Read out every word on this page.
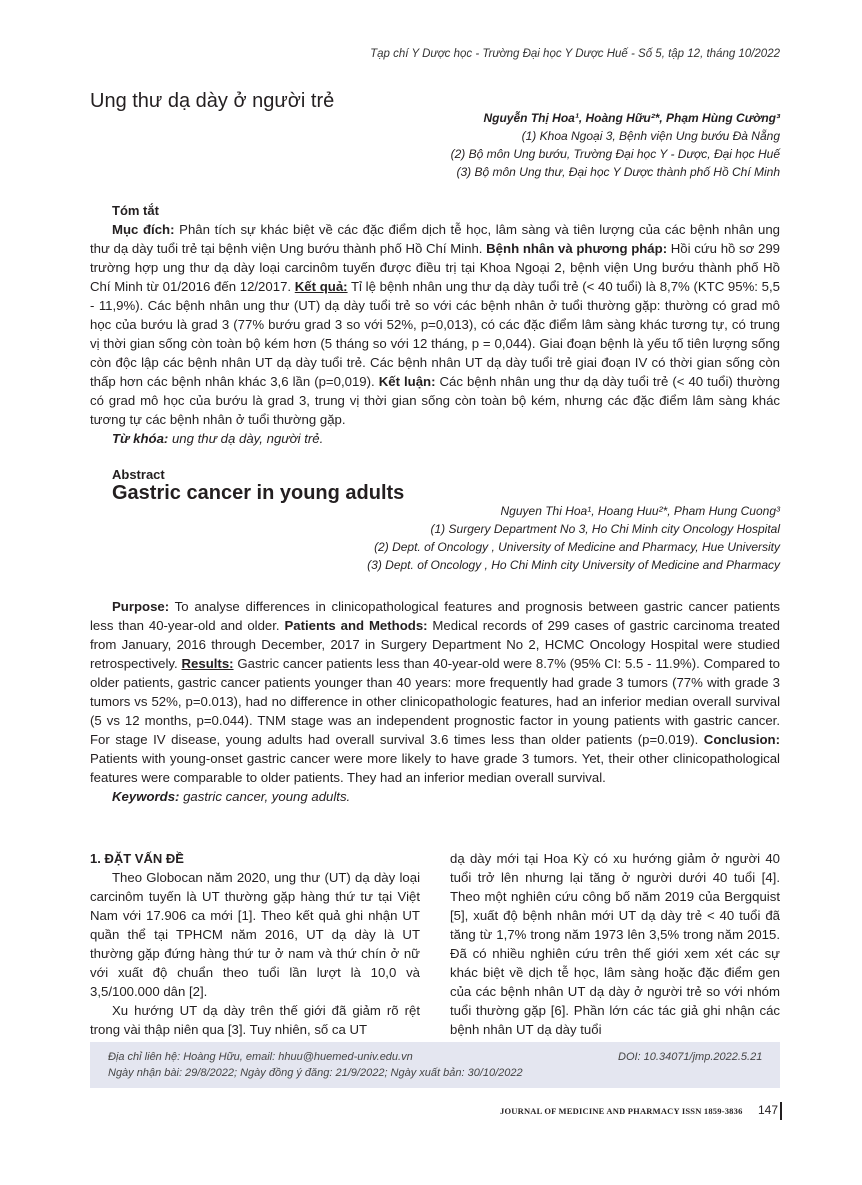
Tạp chí Y Dược học - Trường Đại học Y Dược Huế - Số 5, tập 12, tháng 10/2022
Ung thư dạ dày ở người trẻ
Nguyễn Thị Hoa¹, Hoàng Hữu²*, Phạm Hùng Cường³
(1) Khoa Ngoại 3, Bệnh viện Ung bướu Đà Nẵng
(2) Bộ môn Ung bướu, Trường Đại học Y - Dược, Đại học Huế
(3) Bộ môn Ung thư, Đại học Y Dược thành phố Hồ Chí Minh
Tóm tắt

Mục đích: Phân tích sự khác biệt về các đặc điểm dịch tễ học, lâm sàng và tiên lượng của các bệnh nhân ung thư dạ dày tuổi trẻ tại bệnh viện Ung bướu thành phố Hồ Chí Minh. Bệnh nhân và phương pháp: Hồi cứu hồ sơ 299 trường hợp ung thư dạ dày loại carcinôm tuyến được điều trị tại Khoa Ngoại 2, bệnh viện Ung bướu thành phố Hồ Chí Minh từ 01/2016 đến 12/2017. Kết quả: Tỉ lệ bệnh nhân ung thư dạ dày tuổi trẻ (< 40 tuổi) là 8,7% (KTC 95%: 5,5 - 11,9%). Các bệnh nhân ung thư (UT) dạ dày tuổi trẻ so với các bệnh nhân ở tuổi thường gặp: thường có grad mô học của bướu là grad 3 (77% bướu grad 3 so với 52%, p=0,013), có các đặc điểm lâm sàng khác tương tự, có trung vị thời gian sống còn toàn bộ kém hơn (5 tháng so với 12 tháng, p = 0,044). Giai đoạn bệnh là yếu tố tiên lượng sống còn độc lập các bệnh nhân UT dạ dày tuổi trẻ. Các bệnh nhân UT dạ dày tuổi trẻ giai đoạn IV có thời gian sống còn thấp hơn các bệnh nhân khác 3,6 lần (p=0,019). Kết luận: Các bệnh nhân ung thư dạ dày tuổi trẻ (< 40 tuổi) thường có grad mô học của bướu là grad 3, trung vị thời gian sống còn toàn bộ kém, nhưng các đặc điểm lâm sàng khác tương tự các bệnh nhân ở tuổi thường gặp.

Từ khóa: ung thư dạ dày, người trẻ.

Abstract
Gastric cancer in young adults
Nguyen Thi Hoa¹, Hoang Huu²*, Pham Hung Cuong³
(1) Surgery Department No 3, Ho Chi Minh city Oncology Hospital
(2) Dept. of Oncology , University of Medicine and Pharmacy, Hue University
(3) Dept. of Oncology , Ho Chi Minh city University of Medicine and Pharmacy

Purpose: To analyse differences in clinicopathological features and prognosis between gastric cancer patients less than 40-year-old and older. Patients and Methods: Medical records of 299 cases of gastric carcinoma treated from January, 2016 through December, 2017 in Surgery Department No 2, HCMC Oncology Hospital were studied retrospectively. Results: Gastric cancer patients less than 40-year-old were 8.7% (95% CI: 5.5 - 11.9%). Compared to older patients, gastric cancer patients younger than 40 years: more frequently had grade 3 tumors (77% with grade 3 tumors vs 52%, p=0.013), had no difference in other clinicopathologic features, had an inferior median overall survival (5 vs 12 months, p=0.044). TNM stage was an independent prognostic factor in young patients with gastric cancer. For stage IV disease, young adults had overall survival 3.6 times less than older patients (p=0.019). Conclusion: Patients with young-onset gastric cancer were more likely to have grade 3 tumors. Yet, their other clinicopathological features were comparable to older patients. They had an inferior median overall survival.

Keywords: gastric cancer, young adults.

1. ĐẶT VẤN ĐỀ

Theo Globocan năm 2020, ung thư (UT) dạ dày loại carcinôm tuyến là UT thường gặp hàng thứ tư tại Việt Nam với 17.906 ca mới [1]. Theo kết quả ghi nhận UT quần thể tại TPHCM năm 2016, UT dạ dày là UT thường gặp đứng hàng thứ tư ở nam và thứ chín ở nữ với xuất độ chuẩn theo tuổi lần lượt là 10,0 và 3,5/100.000 dân [2].

Xu hướng UT dạ dày trên thế giới đã giảm rõ rệt trong vài thập niên qua [3]. Tuy nhiên, số ca UT

dạ dày mới tại Hoa Kỳ có xu hướng giảm ở người 40 tuổi trở lên nhưng lại tăng ở người dưới 40 tuổi [4]. Theo một nghiên cứu công bố năm 2019 của Bergquist [5], xuất độ bệnh nhân mới UT dạ dày trẻ < 40 tuổi đã tăng từ 1,7% trong năm 1973 lên 3,5% trong năm 2015. Đã có nhiều nghiên cứu trên thế giới xem xét các sự khác biệt về dịch tễ học, lâm sàng hoặc đặc điểm gen của các bệnh nhân UT dạ dày ở người trẻ so với nhóm tuổi thường gặp [6]. Phần lớn các tác giả ghi nhận các bệnh nhân UT dạ dày tuổi

Địa chỉ liên hệ: Hoàng Hữu, email: hhuu@huemed-univ.edu.vn	DOI: 10.34071/jmp.2022.5.21
Ngày nhận bài: 29/8/2022; Ngày đồng ý đăng: 21/9/2022; Ngày xuất bản: 30/10/2022
JOURNAL OF MEDICINE AND PHARMACY ISSN 1859-3836 147
